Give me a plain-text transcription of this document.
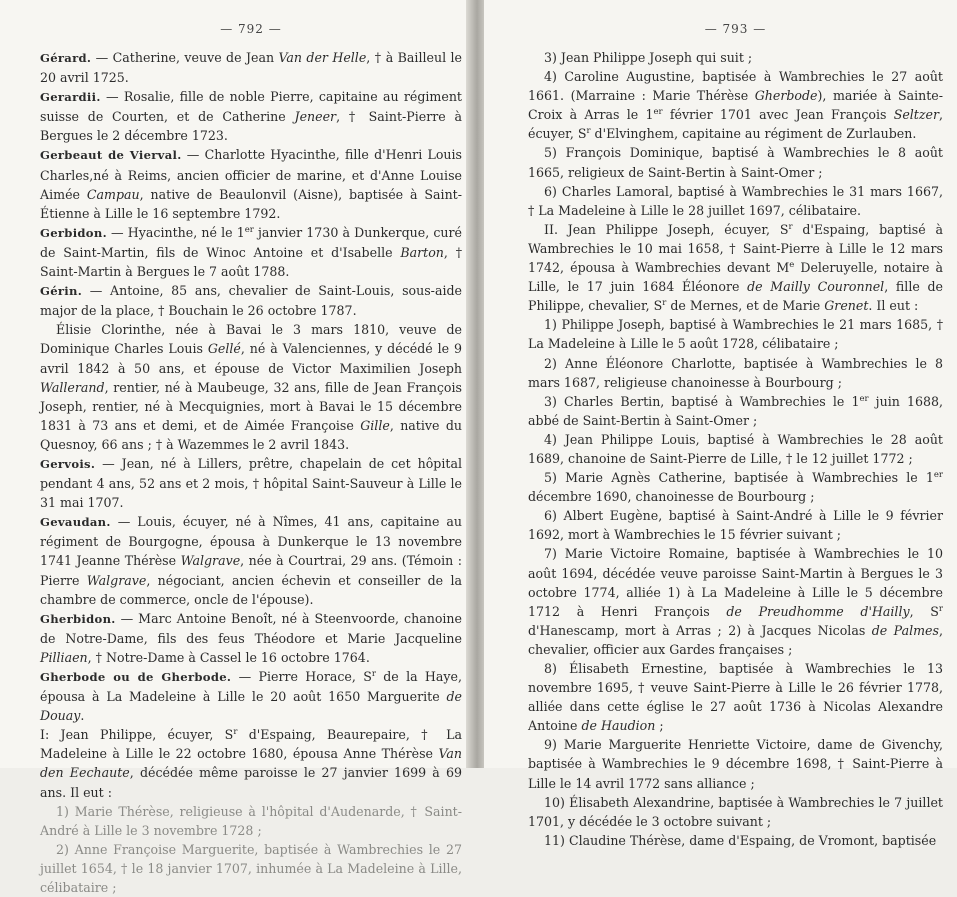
— 792 —

Gérard. — Catherine, veuve de Jean Van der Helle, † à Bailleul le 20 avril 1725.

Gerardii. — Rosalie, fille de noble Pierre, capitaine au régiment suisse de Courten, et de Catherine Jeneer, † Saint-Pierre à Bergues le 2 décembre 1723.

Gerbeaut de Vierval. — Charlotte Hyacinthe, fille d'Henri Louis Charles,né à Reims, ancien officier de marine, et d'Anne Louise Aimée Campau, native de Beaulonvil (Aisne), baptisée à Saint-Étienne à Lille le 16 septembre 1792.

Gerbidon. — Hyacinthe, né le 1er janvier 1730 à Dunkerque, curé de Saint-Martin, fils de Winoc Antoine et d'Isabelle Barton, † Saint-Martin à Bergues le 7 août 1788.

Gérin. — Antoine, 85 ans, chevalier de Saint-Louis, sous-aide major de la place, † Bouchain le 26 octobre 1787.

Élisie Clorinthe, née à Bavai le 3 mars 1810, veuve de Dominique Charles Louis Gellé, né à Valenciennes, y décédé le 9 avril 1842 à 50 ans, et épouse de Victor Maximilien Joseph Wallerand, rentier, né à Maubeuge, 32 ans, fille de Jean François Joseph, rentier, né à Mecquignies, mort à Bavai le 15 décembre 1831 à 73 ans et demi, et de Aimée Françoise Gille, native du Quesnoy, 66 ans ; † à Wazemmes le 2 avril 1843.

Gervois. — Jean, né à Lillers, prêtre, chapelain de cet hôpital pendant 4 ans, 52 ans et 2 mois, † hôpital Saint-Sauveur à Lille le 31 mai 1707.

Gevaudan. — Louis, écuyer, né à Nîmes, 41 ans, capitaine au régiment de Bourgogne, épousa à Dunkerque le 13 novembre 1741 Jeanne Thérèse Walgrave, née à Courtrai, 29 ans. (Témoin : Pierre Walgrave, négociant, ancien échevin et conseiller de la chambre de commerce, oncle de l'épouse).

Gherbidon. — Marc Antoine Benoît, né à Steenvoorde, chanoine de Notre-Dame, fils des feus Théodore et Marie Jacqueline Pilliaen, † Notre-Dame à Cassel le 16 octobre 1764.

Gherbode ou de Gherbode. — Pierre Horace, $S^r$ de la Haye, épousa à La Madeleine à Lille le 20 août 1650 Marguerite de Douay.

I: Jean Philippe, écuyer, $S^r$ d'Espaing, Beaurepaire, † La Madeleine à Lille le 22 octobre 1680, épousa Anne Thérèse Van den Eechaute, décédée même paroisse le 27 janvier 1699 à 69 ans. Il eut :

1) Marie Thérèse, religieuse à l'hôpital d'Audenarde, † Saint-André à Lille le 3 novembre 1728 ;

2) Anne Françoise Marguerite, baptisée à Wambrechies le 27 juillet 1654, † le 18 janvier 1707, inhumée à La Madeleine à Lille, célibataire ;

— 793 —

3) Jean Philippe Joseph qui suit ;

4) Caroline Augustine, baptisée à Wambrechies le 27 août 1661. (Marraine : Marie Thérèse Gherbode), mariée à Sainte-Croix à Arras le 1er février 1701 avec Jean François Seltzer, écuyer, $S^r$ d'Elvinghem, capitaine au régiment de Zurlauben.

5) François Dominique, baptisé à Wambrechies le 8 août 1665, religieux de Saint-Bertin à Saint-Omer ;

6) Charles Lamoral, baptisé à Wambrechies le 31 mars 1667, † La Madeleine à Lille le 28 juillet 1697, célibataire.

II. Jean Philippe Joseph, écuyer, $S^r$ d'Espaing, baptisé à Wambrechies le 10 mai 1658, † Saint-Pierre à Lille le 12 mars 1742, épousa à Wambrechies devant Me Deleruyelle, notaire à Lille, le 17 juin 1684 Éléonore de Mailly Couronnel, fille de Philippe, chevalier, $S^r$ de Mernes, et de Marie Grenet. Il eut :

1) Philippe Joseph, baptisé à Wambrechies le 21 mars 1685, † La Madeleine à Lille le 5 août 1728, célibataire ;

2) Anne Éléonore Charlotte, baptisée à Wambrechies le 8 mars 1687, religieuse chanoinesse à Bourbourg ;

3) Charles Bertin, baptisé à Wambrechies le 1er juin 1688, abbé de Saint-Bertin à Saint-Omer ;

4) Jean Philippe Louis, baptisé à Wambrechies le 28 août 1689, chanoine de Saint-Pierre de Lille, † le 12 juillet 1772 ;

5) Marie Agnès Catherine, baptisée à Wambrechies le 1er décembre 1690, chanoinesse de Bourbourg ;

6) Albert Eugène, baptisé à Saint-André à Lille le 9 février 1692, mort à Wambrechies le 15 février suivant ;

7) Marie Victoire Romaine, baptisée à Wambrechies le 10 août 1694, décédée veuve paroisse Saint-Martin à Bergues le 3 octobre 1774, alliée 1) à La Madeleine à Lille le 5 décembre 1712 à Henri François de Preudhomme d'Hailly, $S^r$ d'Hanescamp, mort à Arras ; 2) à Jacques Nicolas de Palmes, chevalier, officier aux Gardes françaises ;

8) Élisabeth Ernestine, baptisée à Wambrechies le 13 novembre 1695, † veuve Saint-Pierre à Lille le 26 février 1778, alliée dans cette église le 27 août 1736 à Nicolas Alexandre Antoine de Haudion ;

9) Marie Marguerite Henriette Victoire, dame de Givenchy, baptisée à Wambrechies le 9 décembre 1698, † Saint-Pierre à Lille le 14 avril 1772 sans alliance ;

10) Élisabeth Alexandrine, baptisée à Wambrechies le 7 juillet 1701, y décédée le 3 octobre suivant ;

11) Claudine Thérèse, dame d'Espaing, de Vromont, baptisée
